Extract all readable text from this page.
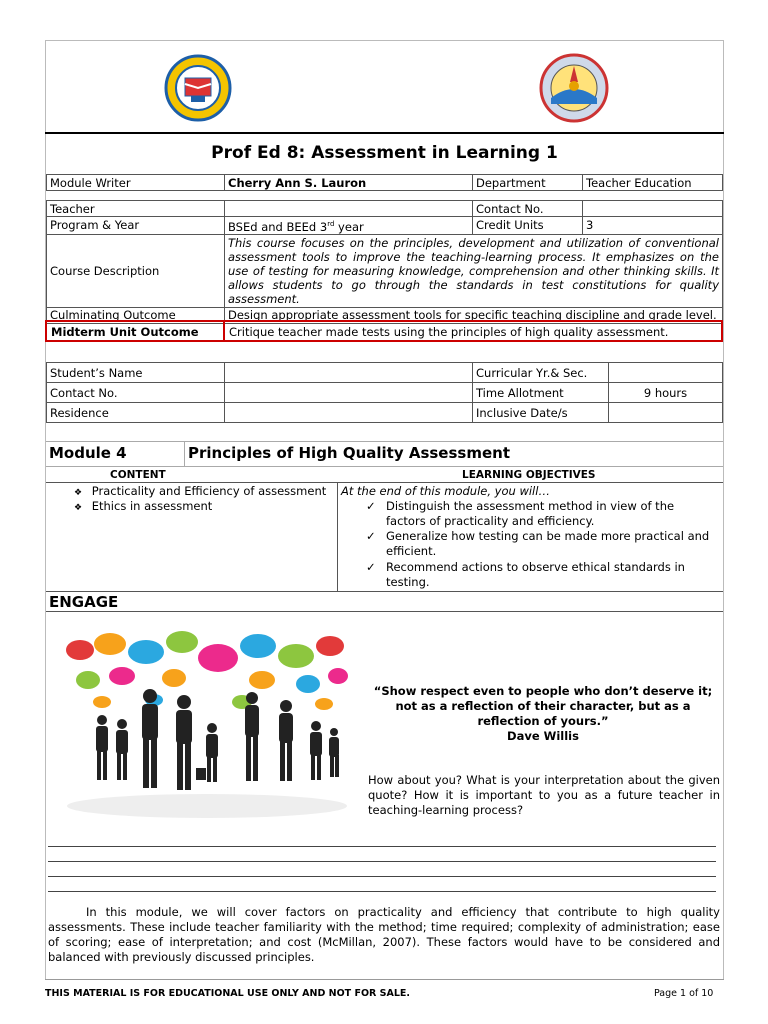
Prof Ed 8: Assessment in Learning 1
Module Writer	Cherry Ann S. Lauron	Department	Teacher Education

Teacher		Contact No.	
Program & Year	BSEd and BEEd 3rd year	Credit Units	3
Course Description	This course focuses on the principles, development and utilization of conventional assessment tools to improve the teaching-learning process. It emphasizes on the use of testing for measuring knowledge, comprehension and other thinking skills. It allows students to go through the standards in test constitutions for quality assessment.		
Culminating Outcome	Design appropriate assessment tools for specific teaching discipline and grade level.		
Midterm Unit Outcome	Critique teacher made tests using the principles of high quality assessment.
Student’s Name		Curricular Yr.& Sec.	
Contact No.		Time Allotment	9 hours
Residence		Inclusive Date/s	
Module 4	Principles of High Quality Assessment
CONTENT	LEARNING OBJECTIVES
❖ Practicality and Efficiency of assessment
❖ Ethics in assessment
At the end of this module, you will…
✓ Distinguish the assessment method in view of the factors of practicality and efficiency.
✓ Generalize how testing can be made more practical and efficient.
✓ Recommend actions to observe ethical standards in testing.
ENGAGE
“Show respect even to people who don’t deserve it; not as a reflection of their character, but as a reflection of yours.”
Dave Willis
How about you? What is your interpretation about the given quote? How it is important to you as a future teacher in teaching-learning process?
In this module, we will cover factors on practicality and efficiency that contribute to high quality assessments. These include teacher familiarity with the method; time required; complexity of administration; ease of scoring; ease of interpretation; and cost (McMillan, 2007). These factors would have to be considered and balanced with previously discussed principles.
THIS MATERIAL IS FOR EDUCATIONAL USE ONLY AND NOT FOR SALE.	Page 1 of 10
